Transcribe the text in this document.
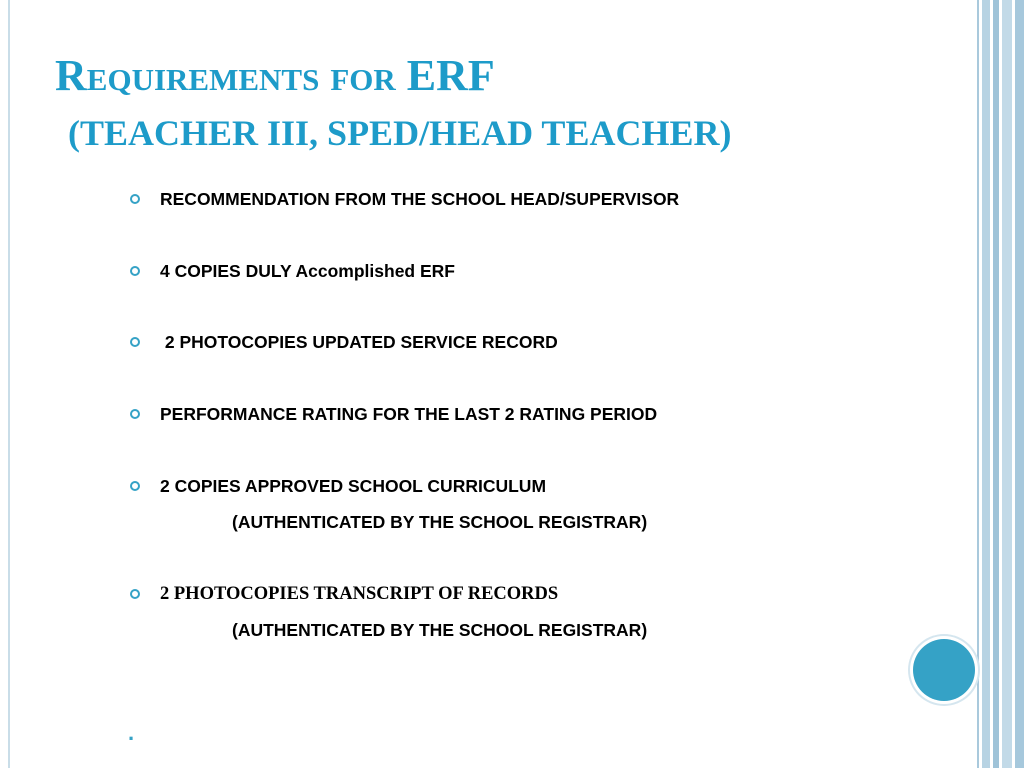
Requirements for ERF
(TEACHER III, SPED/HEAD TEACHER)
RECOMMENDATION FROM THE SCHOOL HEAD/SUPERVISOR
4 COPIES DULY Accomplished ERF
2 PHOTOCOPIES UPDATED SERVICE RECORD
PERFORMANCE RATING FOR THE LAST 2 RATING PERIOD
2 COPIES APPROVED SCHOOL CURRICULUM
(AUTHENTICATED BY THE SCHOOL REGISTRAR)
2 PHOTOCOPIES TRANSCRIPT OF RECORDS
(AUTHENTICATED BY THE SCHOOL REGISTRAR)
.
